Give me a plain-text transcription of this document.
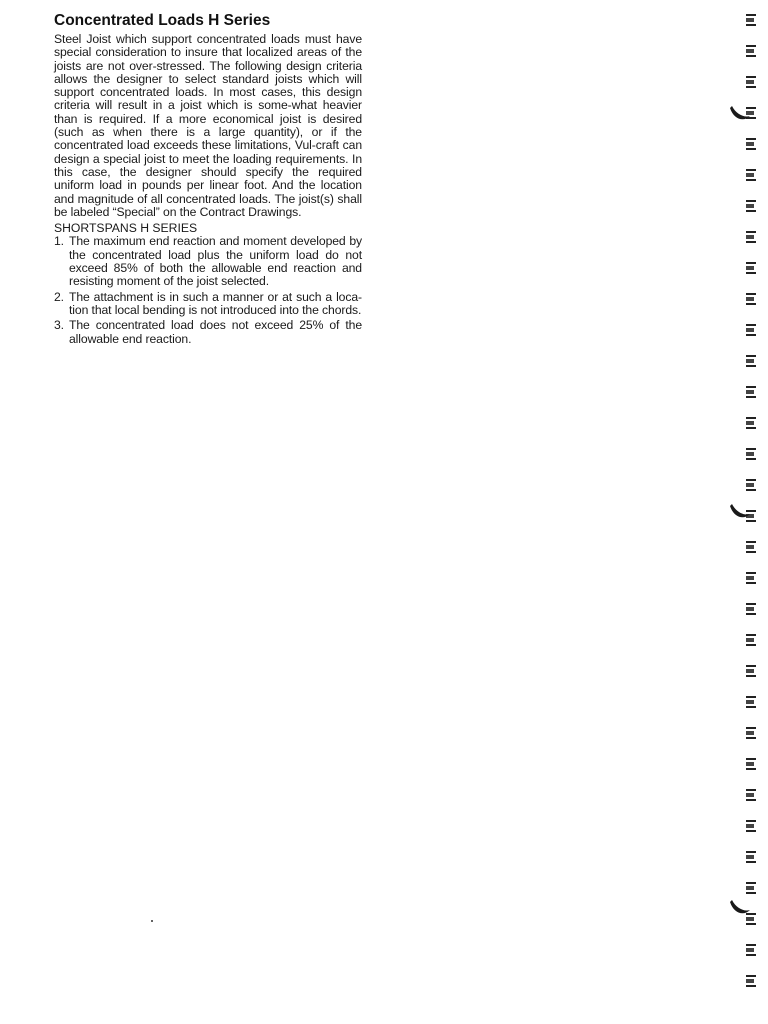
Concentrated Loads H Series

Steel Joist which support concentrated loads must have special consideration to insure that localized areas of the joists are not over-stressed. The following design criteria allows the designer to select standard joists which will support concentrated loads. In most cases, this design criteria will result in a joist which is some-what heavier than is required. If a more economical joist is desired (such as when there is a large quantity), or if the concentrated load exceeds these limitations, Vul-craft can design a special joist to meet the loading requirements. In this case, the designer should specify the required uniform load in pounds per linear foot. And the location and magnitude of all concentrated loads. The joist(s) shall be labeled “Special” on the Contract Drawings.

SHORTSPANS H SERIES
1. The maximum end reaction and moment developed by the concentrated load plus the uniform load do not exceed 85% of both the allowable end reaction and resisting moment of the joist selected.
2. The attachment is in such a manner or at such a loca-tion that local bending is not introduced into the chords.
3. The concentrated load does not exceed 25% of the allowable end reaction.
